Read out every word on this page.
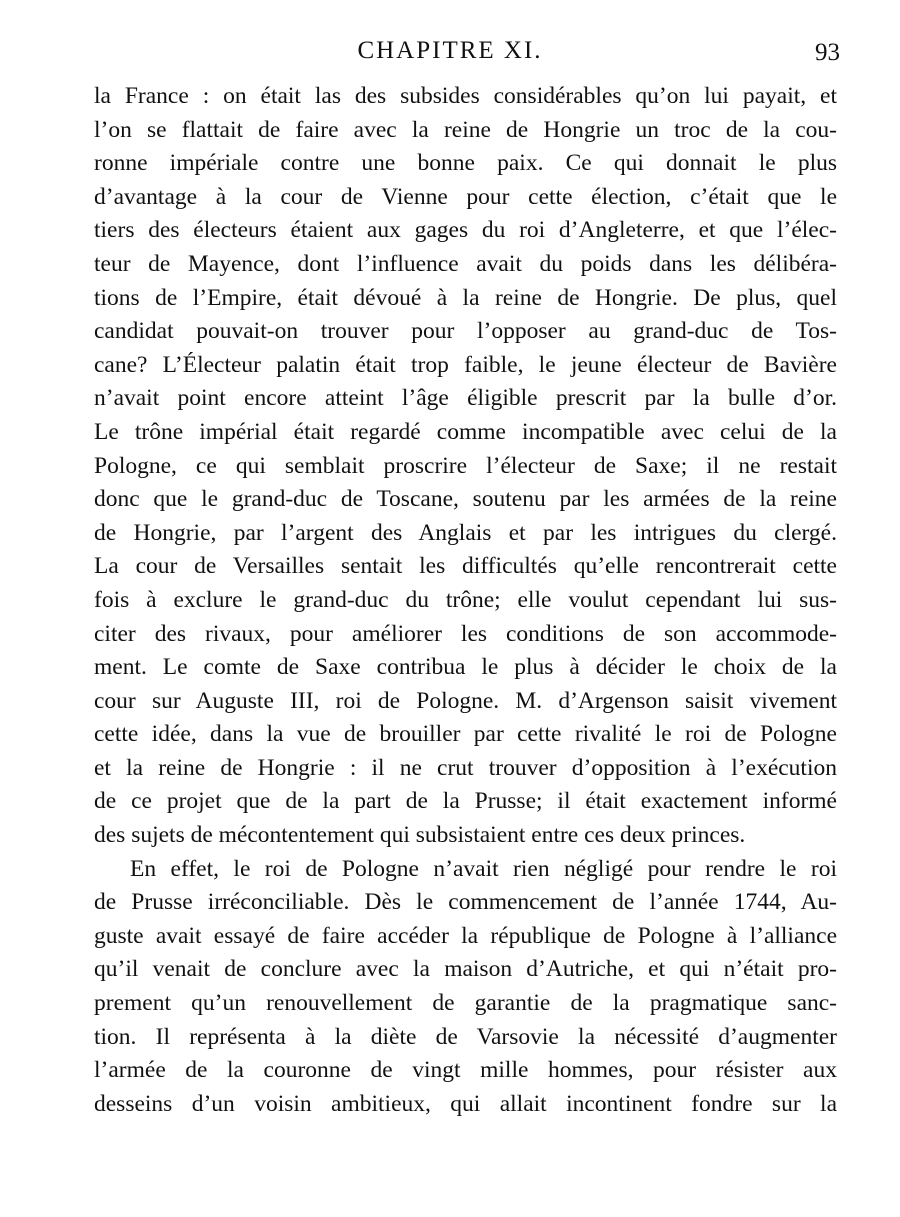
CHAPITRE XI.	93
la France : on était las des subsides considérables qu’on lui payait, et
l’on se flattait de faire avec la reine de Hongrie un troc de la cou-
ronne impériale contre une bonne paix. Ce qui donnait le plus
d’avantage à la cour de Vienne pour cette élection, c’était que le
tiers des électeurs étaient aux gages du roi d’Angleterre, et que l’élec-
teur de Mayence, dont l’influence avait du poids dans les délibéra-
tions de l’Empire, était dévoué à la reine de Hongrie. De plus, quel
candidat pouvait-on trouver pour l’opposer au grand-duc de Tos-
cane? L’Électeur palatin était trop faible, le jeune électeur de Bavière
n’avait point encore atteint l’âge éligible prescrit par la bulle d’or.
Le trône impérial était regardé comme incompatible avec celui de la
Pologne, ce qui semblait proscrire l’électeur de Saxe; il ne restait
donc que le grand-duc de Toscane, soutenu par les armées de la reine
de Hongrie, par l’argent des Anglais et par les intrigues du clergé.
La cour de Versailles sentait les difficultés qu’elle rencontrerait cette
fois à exclure le grand-duc du trône; elle voulut cependant lui sus-
citer des rivaux, pour améliorer les conditions de son accommode-
ment. Le comte de Saxe contribua le plus à décider le choix de la
cour sur Auguste III, roi de Pologne. M. d’Argenson saisit vivement
cette idée, dans la vue de brouiller par cette rivalité le roi de Pologne
et la reine de Hongrie : il ne crut trouver d’opposition à l’exécution
de ce projet que de la part de la Prusse; il était exactement informé
des sujets de mécontentement qui subsistaient entre ces deux princes.
En effet, le roi de Pologne n’avait rien négligé pour rendre le roi
de Prusse irréconciliable. Dès le commencement de l’année 1744, Au-
guste avait essayé de faire accéder la république de Pologne à l’alliance
qu’il venait de conclure avec la maison d’Autriche, et qui n’était pro-
prement qu’un renouvellement de garantie de la pragmatique sanc-
tion. Il représenta à la diète de Varsovie la nécessité d’augmenter
l’armée de la couronne de vingt mille hommes, pour résister aux
desseins d’un voisin ambitieux, qui allait incontinent fondre sur la
